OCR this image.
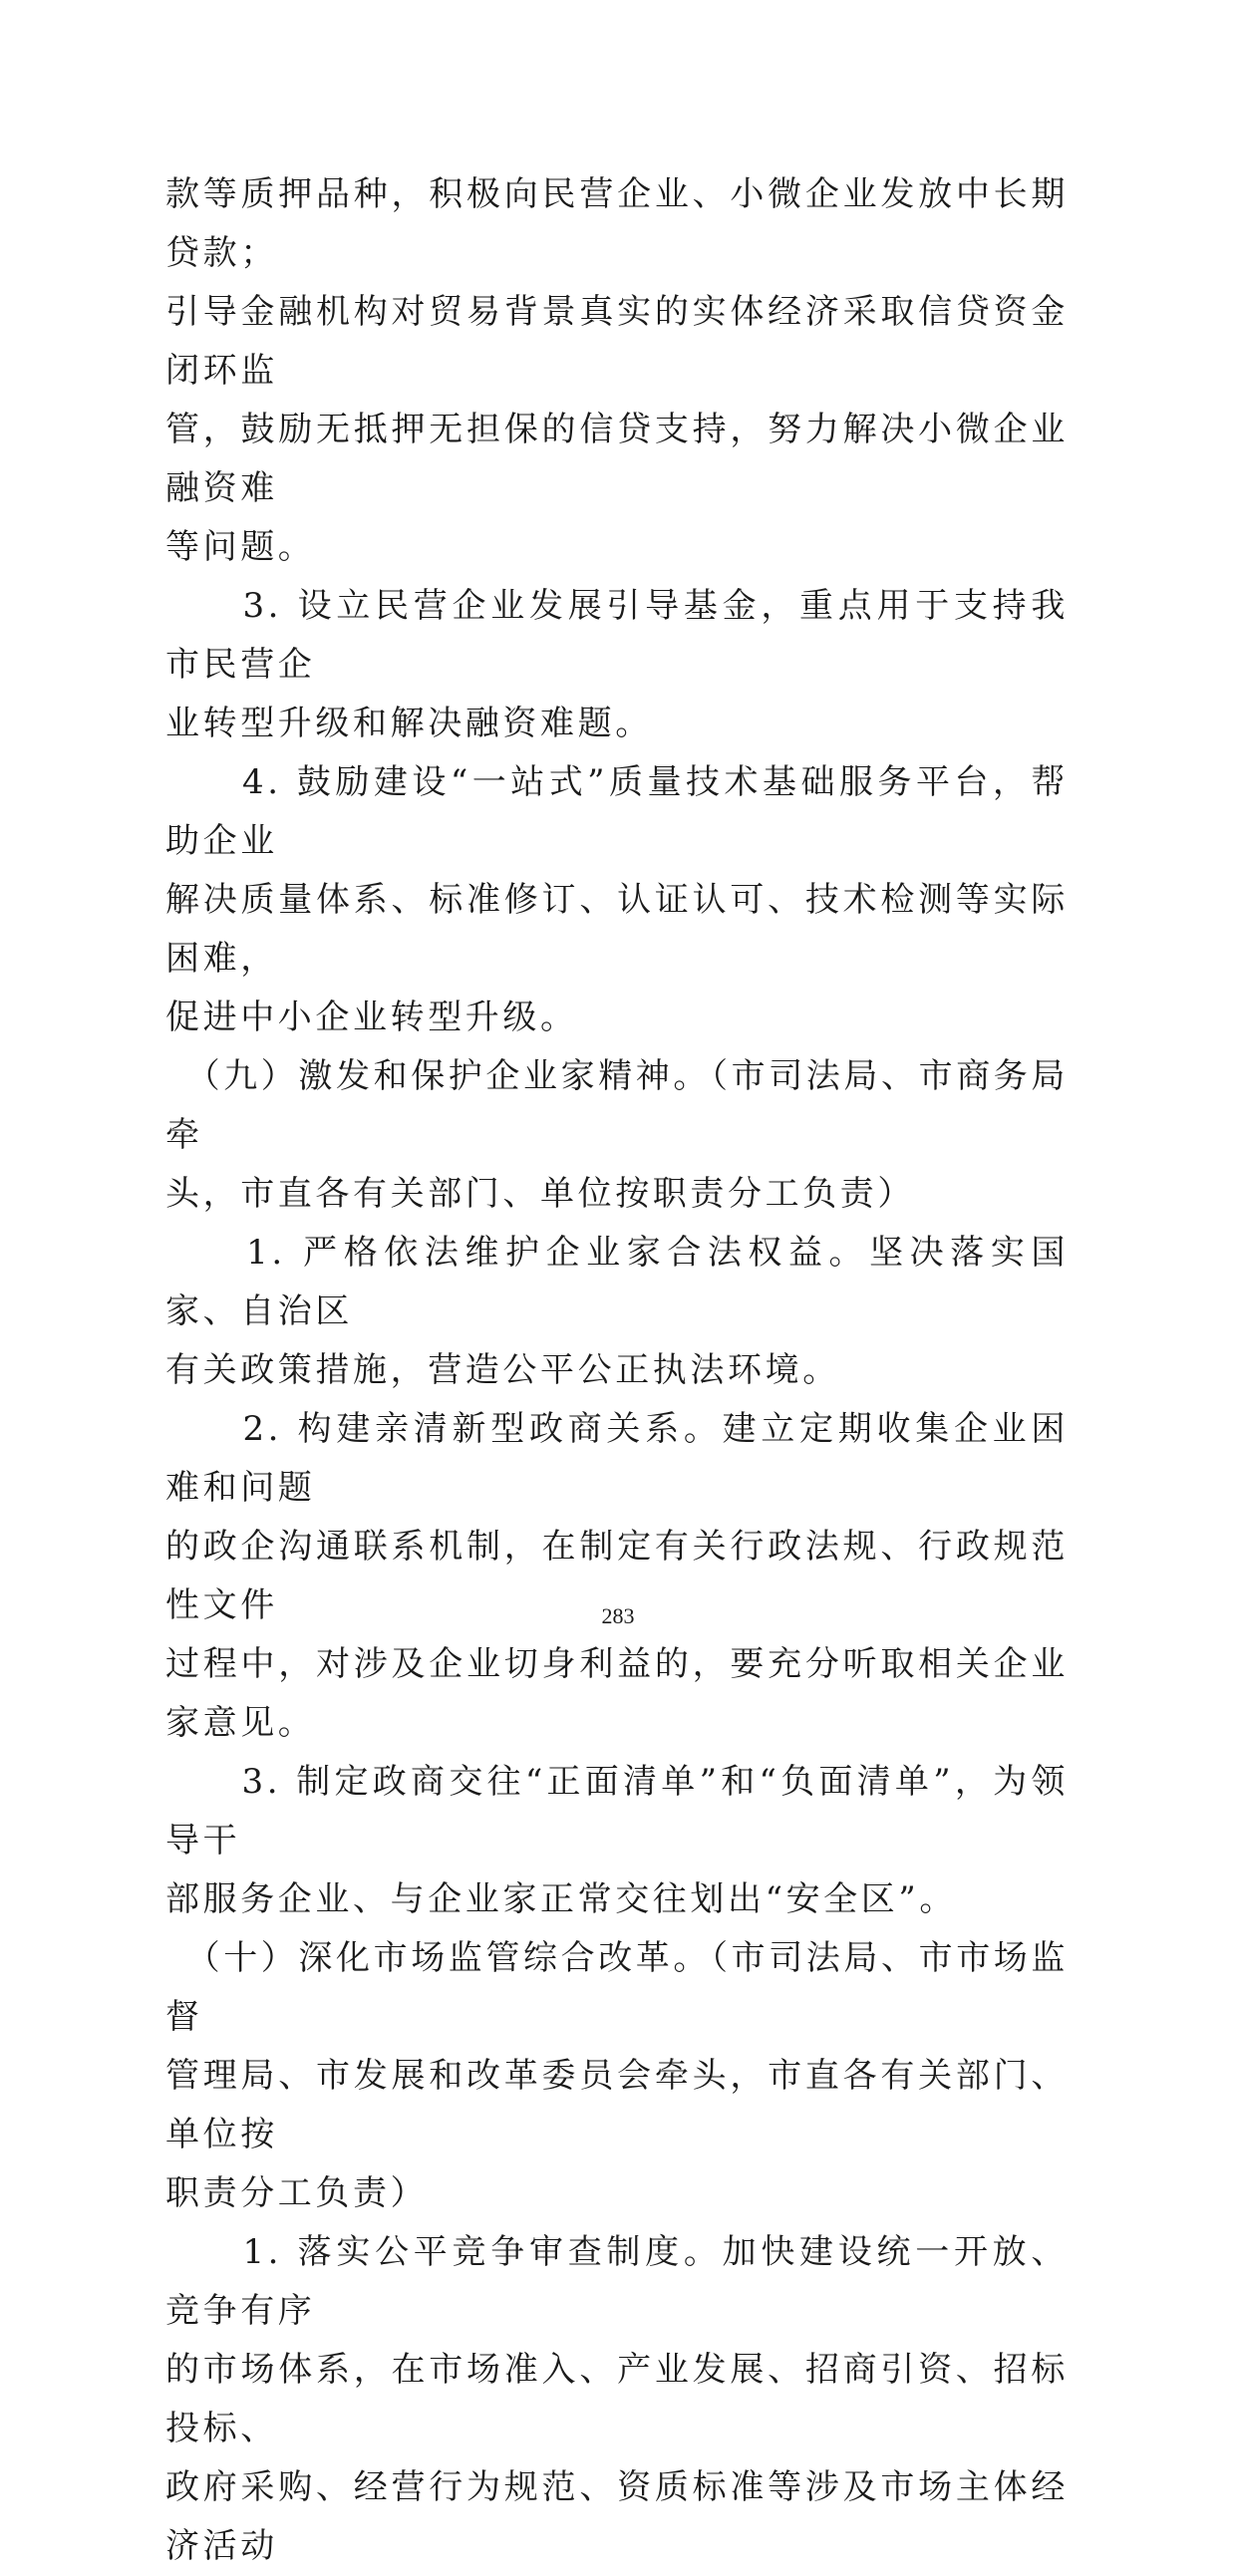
款等质押品种，积极向民营企业、小微企业发放中长期贷款；
引导金融机构对贸易背景真实的实体经济采取信贷资金闭环监
管，鼓励无抵押无担保的信贷支持，努力解决小微企业融资难
等问题。

　　3. 设立民营企业发展引导基金，重点用于支持我市民营企
业转型升级和解决融资难题。

　　4. 鼓励建设“一站式”质量技术基础服务平台，帮助企业
解决质量体系、标准修订、认证认可、技术检测等实际困难，
促进中小企业转型升级。

　（九）激发和保护企业家精神。（市司法局、市商务局牵
头，市直各有关部门、单位按职责分工负责）

　　1. 严格依法维护企业家合法权益。坚决落实国家、自治区
有关政策措施，营造公平公正执法环境。

　　2. 构建亲清新型政商关系。建立定期收集企业困难和问题
的政企沟通联系机制，在制定有关行政法规、行政规范性文件
过程中，对涉及企业切身利益的，要充分听取相关企业家意见。

　　3. 制定政商交往“正面清单”和“负面清单”，为领导干
部服务企业、与企业家正常交往划出“安全区”。

　（十）深化市场监管综合改革。（市司法局、市市场监督
管理局、市发展和改革委员会牵头，市直各有关部门、单位按
职责分工负责）

　　1. 落实公平竞争审查制度。加快建设统一开放、竞争有序
的市场体系，在市场准入、产业发展、招商引资、招标投标、
政府采购、经营行为规范、资质标准等涉及市场主体经济活动

283
